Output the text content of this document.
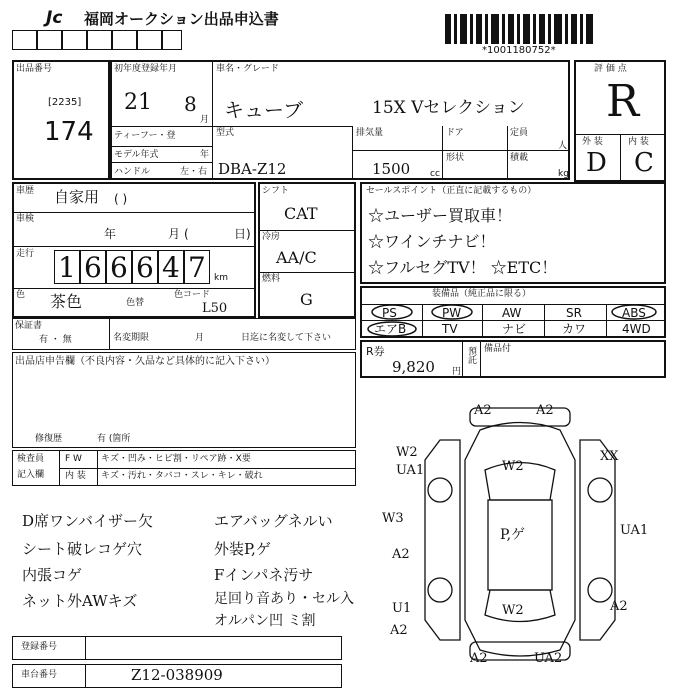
Jc 福岡オークション出品申込書
*1001180752*
出品番号
[2235]
174
初年度登録年月
21 8
月
ティーフー・登
モデル年式	年
ハンドル	左・右
車名・グレード
キューブ	15X Vセレクション
型式
DBA-Z12
排気量
1500 cc
ドア	定員
人
形状	積載
kg
評 価 点
R
外 装	内 装
D C
車歴 自家用 ( )
車検
年	月 (	日)
走行 1 6 6 6 4 7 km
色 茶色	色替
色コード
L50
保証書
有 ・ 無	名変期限	月	日迄に名変して下さい
シフト
CAT
冷房
AA/C
燃料
G
セールスポイント（正直に記載するもの）
☆ユーザー買取車！
☆ワインチナビ！
☆フルセグTV！ ☆ETC！
装備品（純正品に限る）
PS	PW	AW	SR	ABS
エアB	TV	ナビ	カワ	4WD
R券
9,820 円
預託 備品付
出品店申告欄（不良内容・久品など具体的に記入下さい）
修復歴	有 (箇所
検査員
記入欄
F W
内 装
キズ・凹み・ヒビ割・リペア跡・X要
キズ・汚れ・タバコ・スレ・キレ・破れ
D席ワンバイザー欠
シート破レコゲ穴
内張コゲ
ネット外AWキズ
エアバッグネルい
外装P,ゲ
Fインパネ汚サ
足回り音あり・セル入
オルパン凹 ミ割
A2	A2
W2
UA1
XX
W2
W3
P,ゲ	UA1
A2
U1
A2
W2	A2
A2	UA2
登録番号
車台番号	Z12-038909
